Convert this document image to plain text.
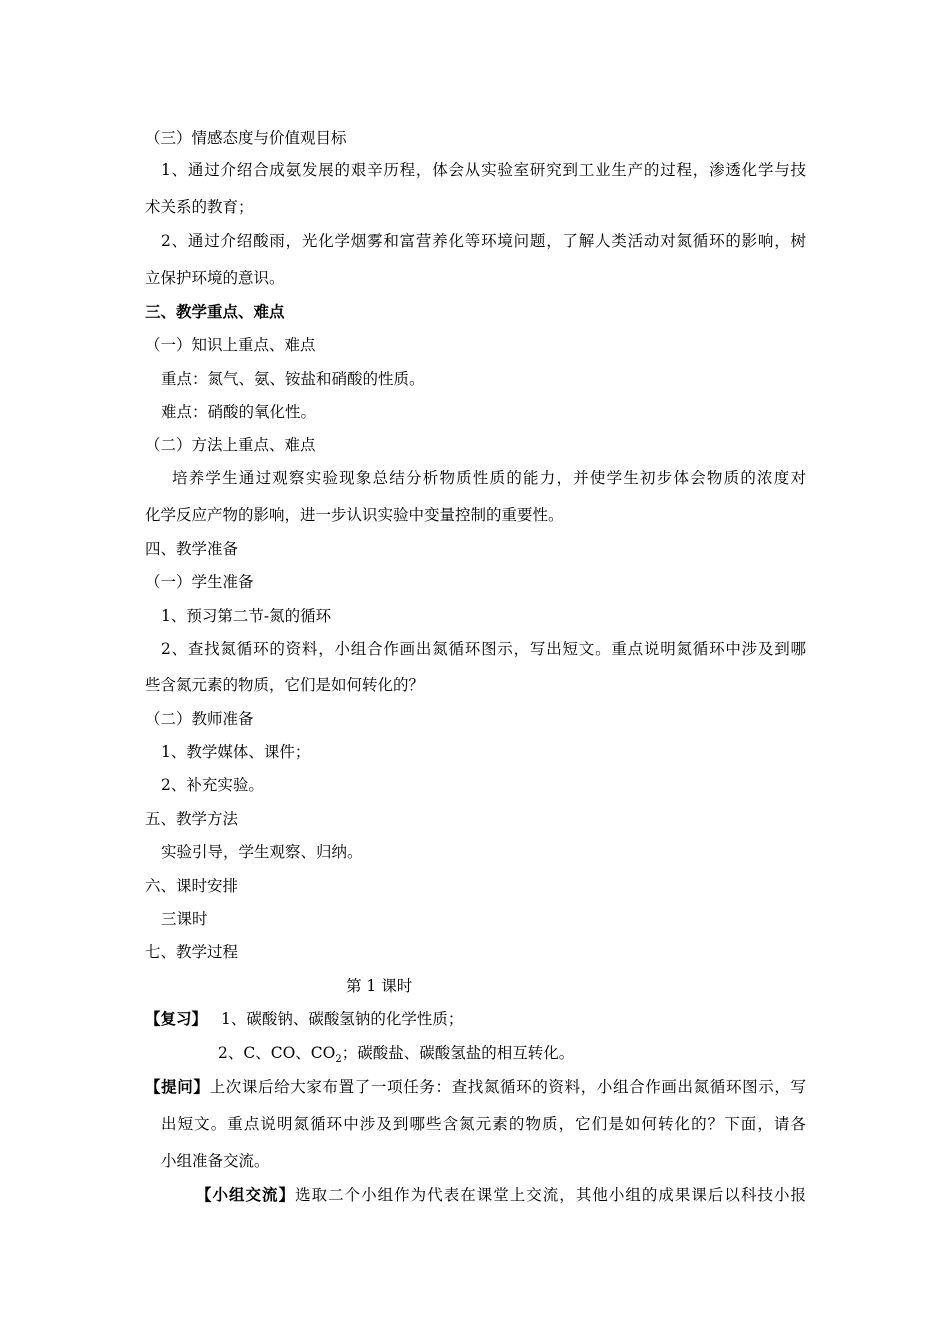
（三）情感态度与价值观目标
1、通过介绍合成氨发展的艰辛历程，体会从实验室研究到工业生产的过程，渗透化学与技
术关系的教育；
2、通过介绍酸雨，光化学烟雾和富营养化等环境问题，了解人类活动对氮循环的影响，树
立保护环境的意识。
三、教学重点、难点
（一）知识上重点、难点
重点：氮气、氨、铵盐和硝酸的性质。
难点：硝酸的氧化性。
（二）方法上重点、难点
培养学生通过观察实验现象总结分析物质性质的能力，并使学生初步体会物质的浓度对
化学反应产物的影响，进一步认识实验中变量控制的重要性。
四、教学准备
（一）学生准备
1、预习第二节-氮的循环
2、查找氮循环的资料，小组合作画出氮循环图示，写出短文。重点说明氮循环中涉及到哪
些含氮元素的物质，它们是如何转化的？
（二）教师准备
1、教学媒体、课件；
2、补充实验。
五、教学方法
实验引导，学生观察、归纳。
六、课时安排
三课时
七、教学过程
第 1 课时
【复习】 1、碳酸钠、碳酸氢钠的化学性质；
2、C、CO、$CO_2$；碳酸盐、碳酸氢盐的相互转化。
【提问】上次课后给大家布置了一项任务：查找氮循环的资料，小组合作画出氮循环图示，写
出短文。重点说明氮循环中涉及到哪些含氮元素的物质，它们是如何转化的？下面，请各
小组准备交流。
【小组交流】选取二个小组作为代表在课堂上交流，其他小组的成果课后以科技小报
